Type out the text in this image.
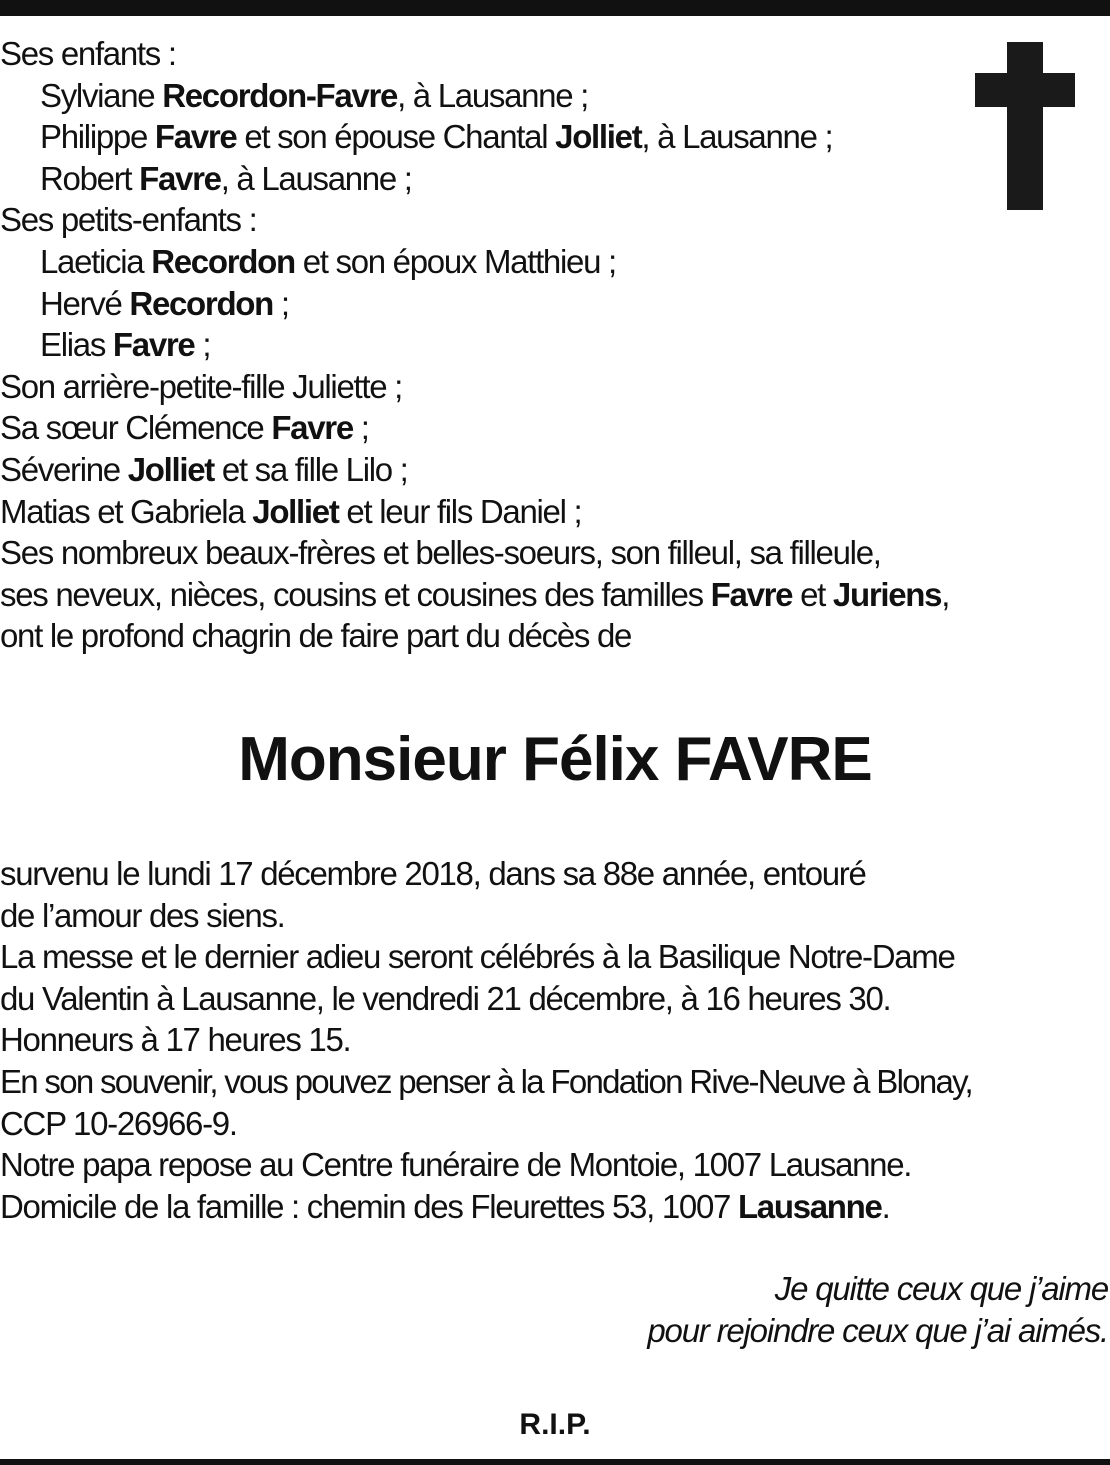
Ses enfants :
Sylviane Recordon-Favre, à Lausanne ;
Philippe Favre et son épouse Chantal Jolliet, à Lausanne ;
Robert Favre, à Lausanne ;
Ses petits-enfants :
Laeticia Recordon et son époux Matthieu ;
Hervé Recordon ;
Elias Favre ;
Son arrière-petite-fille Juliette ;
Sa sœur Clémence Favre ;
Séverine Jolliet et sa fille Lilo ;
Matias et Gabriela Jolliet et leur fils Daniel ;
Ses nombreux beaux-frères et belles-soeurs, son filleul, sa filleule,
ses neveux, nièces, cousins et cousines des familles Favre et Juriens,
ont le profond chagrin de faire part du décès de
Monsieur Félix FAVRE
survenu le lundi 17 décembre 2018, dans sa 88e année, entouré
de l’amour des siens.
La messe et le dernier adieu seront célébrés à la Basilique Notre-Dame
du Valentin à Lausanne, le vendredi 21 décembre, à 16 heures 30.
Honneurs à 17 heures 15.
En son souvenir, vous pouvez penser à la Fondation Rive-Neuve à Blonay,
CCP 10-26966-9.
Notre papa repose au Centre funéraire de Montoie, 1007 Lausanne.
Domicile de la famille : chemin des Fleurettes 53, 1007 Lausanne.
Je quitte ceux que j’aime
pour rejoindre ceux que j’ai aimés.
R.I.P.
